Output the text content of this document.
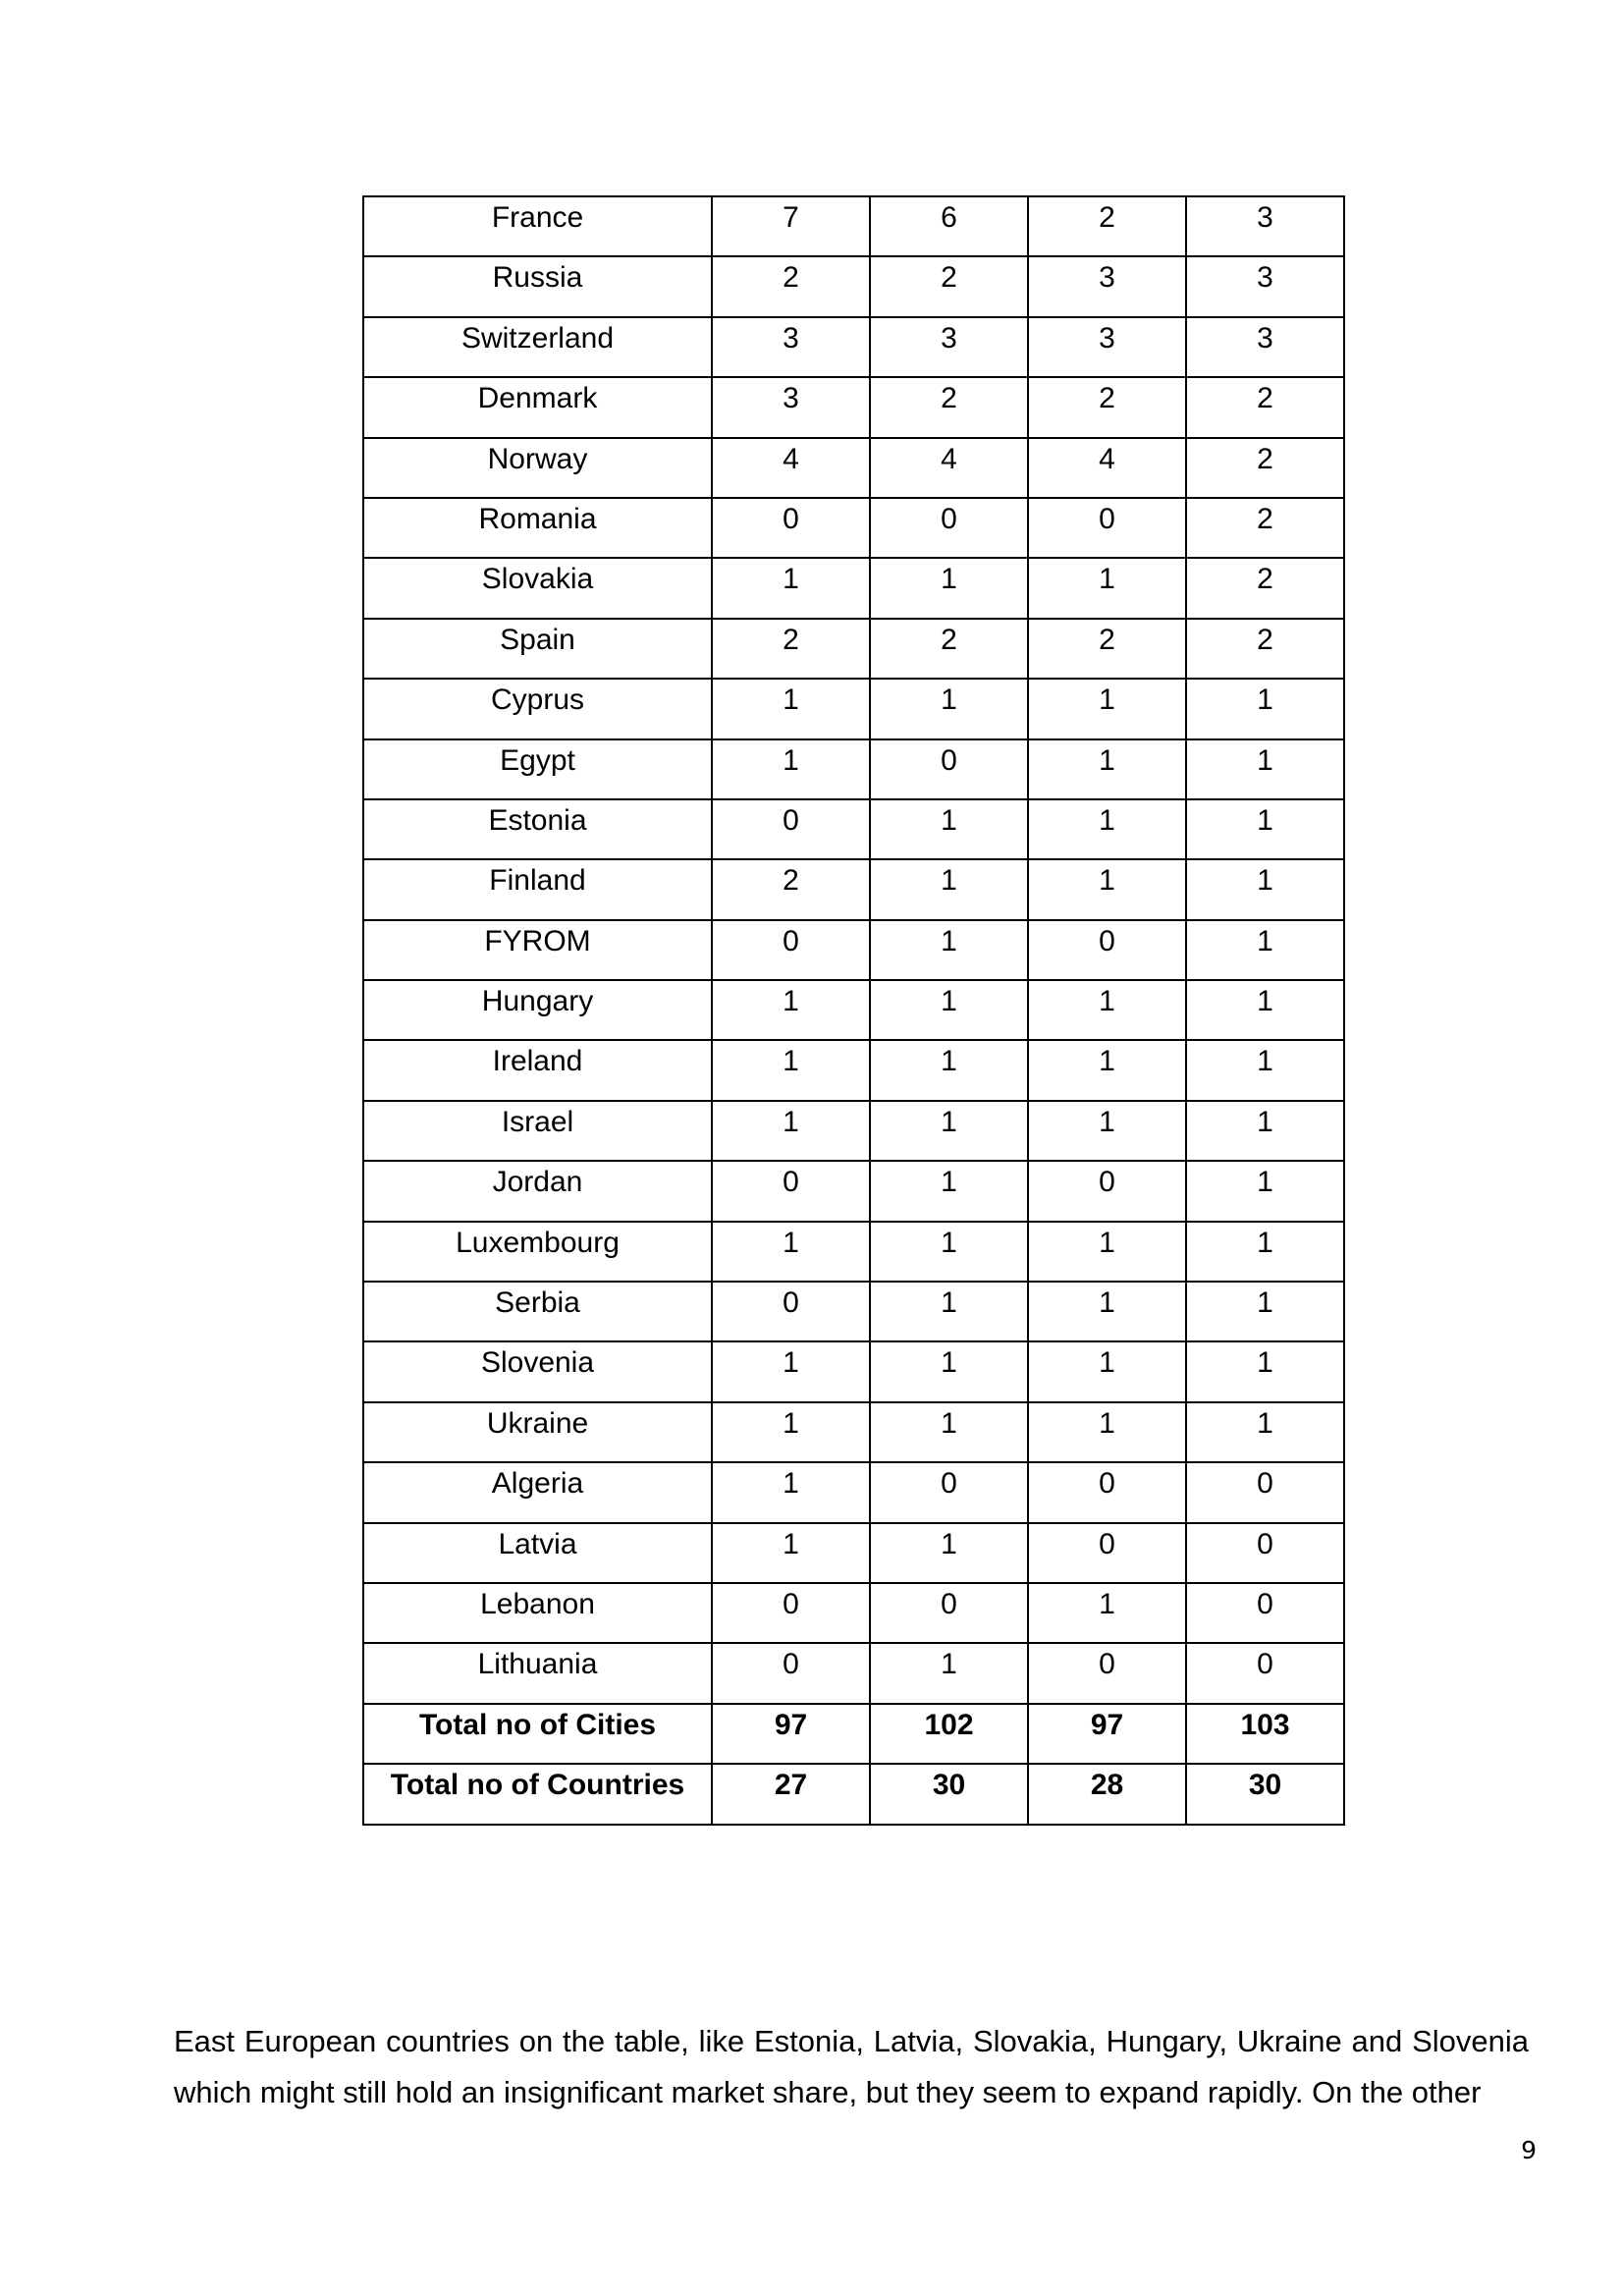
France	7	6	2	3
Russia	2	2	3	3
Switzerland	3	3	3	3
Denmark	3	2	2	2
Norway	4	4	4	2
Romania	0	0	0	2
Slovakia	1	1	1	2
Spain	2	2	2	2
Cyprus	1	1	1	1
Egypt	1	0	1	1
Estonia	0	1	1	1
Finland	2	1	1	1
FYROM	0	1	0	1
Hungary	1	1	1	1
Ireland	1	1	1	1
Israel	1	1	1	1
Jordan	0	1	0	1
Luxembourg	1	1	1	1
Serbia	0	1	1	1
Slovenia	1	1	1	1
Ukraine	1	1	1	1
Algeria	1	0	0	0
Latvia	1	1	0	0
Lebanon	0	0	1	0
Lithuania	0	1	0	0
Total no of Cities	97	102	97	103
Total no of Countries	27	30	28	30

East European countries on the table, like Estonia, Latvia, Slovakia, Hungary, Ukraine and Slovenia which might still hold an insignificant market share, but they seem to expand rapidly. On the other

9
